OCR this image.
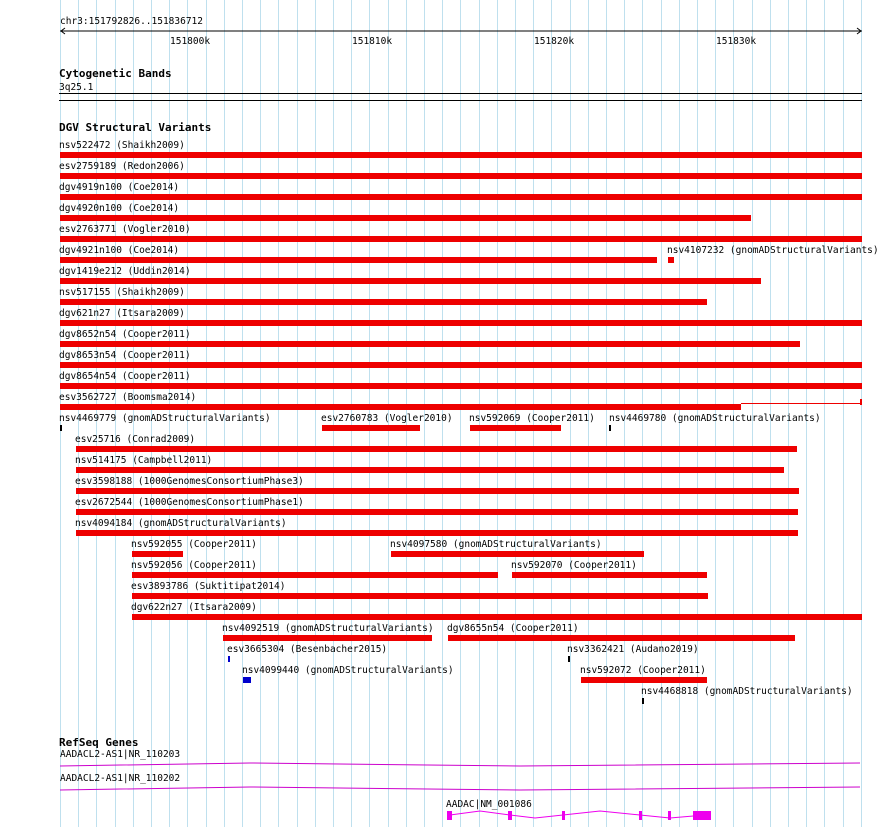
chr3:151792826..151836712
151800k	151810k	151820k	151830k
Cytogenetic Bands
3q25.1
DGV Structural Variants
nsv522472 (Shaikh2009)
esv2759189 (Redon2006)
dgv4919n100 (Coe2014)
dgv4920n100 (Coe2014)
esv2763771 (Vogler2010)
dgv4921n100 (Coe2014)	nsv4107232 (gnomADStructuralVariants)
dgv1419e212 (Uddin2014)
nsv517155 (Shaikh2009)
dgv621n27 (Itsara2009)
dgv8652n54 (Cooper2011)
dgv8653n54 (Cooper2011)
dgv8654n54 (Cooper2011)
esv3562727 (Boomsma2014)
nsv4469779 (gnomADStructuralVariants)	esv2760783 (Vogler2010) nsv592069 (Cooper2011) nsv4469780 (gnomADStructuralVariants)
esv25716 (Conrad2009)
nsv514175 (Campbell2011)
esv3598188 (1000GenomesConsortiumPhase3)
esv2672544 (1000GenomesConsortiumPhase1)
nsv4094184 (gnomADStructuralVariants)
nsv592055 (Cooper2011)	nsv4097580 (gnomADStructuralVariants)
nsv592056 (Cooper2011)	nsv592070 (Cooper2011)
esv3893786 (Suktitipat2014)
dgv622n27 (Itsara2009)
nsv4092519 (gnomADStructuralVariants) dgv8655n54 (Cooper2011)
esv3665304 (Besenbacher2015)	nsv3362421 (Audano2019)
nsv4099440 (gnomADStructuralVariants)	nsv592072 (Cooper2011)
nsv4468818 (gnomADStructuralVariants)
RefSeq Genes
AADACL2-AS1|NR_110203
AADACL2-AS1|NR_110202
AADAC|NM_001086
